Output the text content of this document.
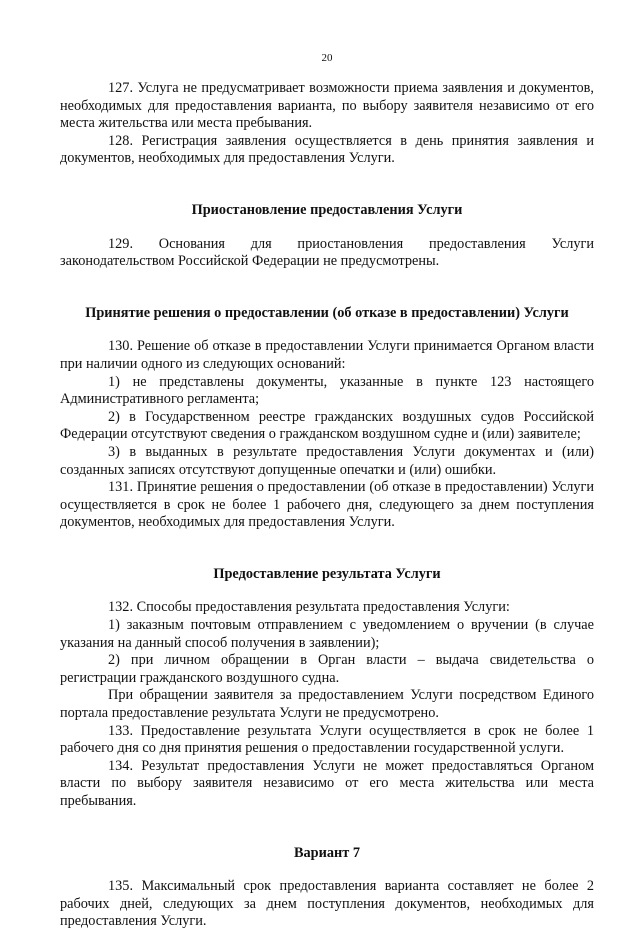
20

127. Услуга не предусматривает возможности приема заявления и документов, необходимых для предоставления варианта, по выбору заявителя независимо от его места жительства или места пребывания.

128. Регистрация заявления осуществляется в день принятия заявления и документов, необходимых для предоставления Услуги.

Приостановление предоставления Услуги

129. Основания для приостановления предоставления Услуги законодательством Российской Федерации не предусмотрены.

Принятие решения о предоставлении (об отказе в предоставлении) Услуги

130. Решение об отказе в предоставлении Услуги принимается Органом власти при наличии одного из следующих оснований:

1) не представлены документы, указанные в пункте 123 настоящего Административного регламента;

2) в Государственном реестре гражданских воздушных судов Российской Федерации отсутствуют сведения о гражданском воздушном судне и (или) заявителе;

3) в выданных в результате предоставления Услуги документах и (или) созданных записях отсутствуют допущенные опечатки и (или) ошибки.

131. Принятие решения о предоставлении (об отказе в предоставлении) Услуги осуществляется в срок не более 1 рабочего дня, следующего за днем поступления документов, необходимых для предоставления Услуги.

Предоставление результата Услуги

132. Способы предоставления результата предоставления Услуги:

1) заказным почтовым отправлением с уведомлением о вручении (в случае указания на данный способ получения в заявлении);

2) при личном обращении в Орган власти – выдача свидетельства о регистрации гражданского воздушного судна.

При обращении заявителя за предоставлением Услуги посредством Единого портала предоставление результата Услуги не предусмотрено.

133. Предоставление результата Услуги осуществляется в срок не более 1 рабочего дня со дня принятия решения о предоставлении государственной услуги.

134. Результат предоставления Услуги не может предоставляться Органом власти по выбору заявителя независимо от его места жительства или места пребывания.

Вариант 7

135. Максимальный срок предоставления варианта составляет не более 2 рабочих дней, следующих за днем поступления документов, необходимых для предоставления Услуги.
